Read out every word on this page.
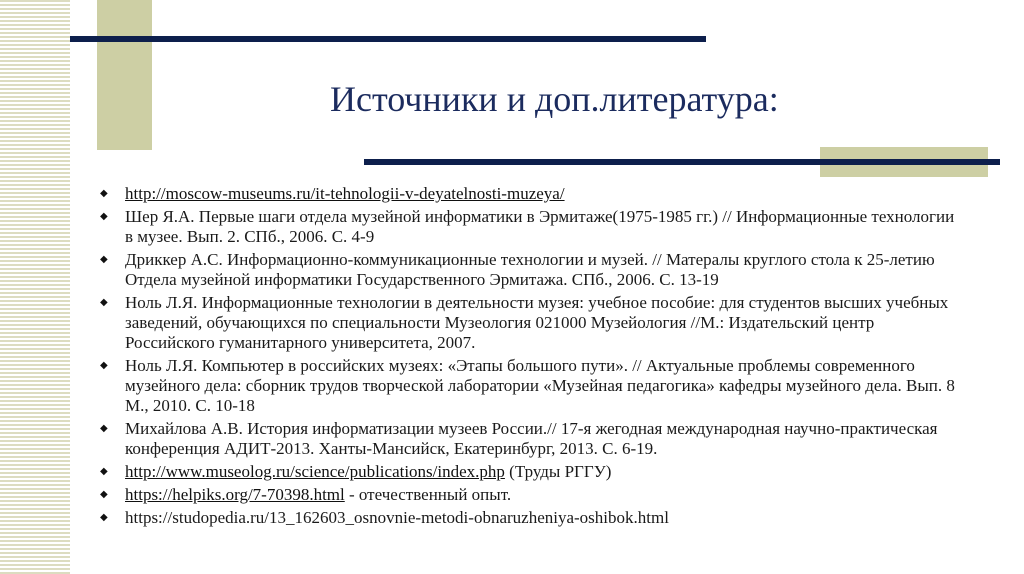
Источники и доп.литература:
◆ http://moscow-museums.ru/it-tehnologii-v-deyatelnosti-muzeya/
◆ Шер Я.А. Первые шаги отдела музейной информатики в Эрмитаже(1975-1985 гг.) // Информационные технологии в музее. Вып. 2. СПб., 2006. С. 4-9
◆ Дриккер А.С. Информационно-коммуникационные технологии и музей. // Матералы круглого стола к 25-летию Отдела музейной информатики Государственного Эрмитажа. СПб., 2006. С. 13-19
◆ Ноль Л.Я. Информационные технологии в деятельности музея: учебное пособие: для студентов высших учебных заведений, обучающихся по специальности Музеология 021000 Музейология //М.: Издательский центр Российского гуманитарного университета, 2007.
◆ Ноль Л.Я. Компьютер в российских музеях: «Этапы большого пути». // Актуальные проблемы современного музейного дела: сборник трудов творческой лаборатории «Музейная педагогика» кафедры музейного дела. Вып. 8 М., 2010. С. 10-18
◆ Михайлова А.В. История информатизации музеев России.// 17-я жегодная международная научно-практическая конференция АДИТ-2013. Ханты-Мансийск, Екатеринбург, 2013. С. 6-19.
◆ http://www.museolog.ru/science/publications/index.php (Труды РГГУ)
◆ https://helpiks.org/7-70398.html - отечественный опыт.
◆ https://studopedia.ru/13_162603_osnovnie-metodi-obnaruzheniya-oshibok.html
